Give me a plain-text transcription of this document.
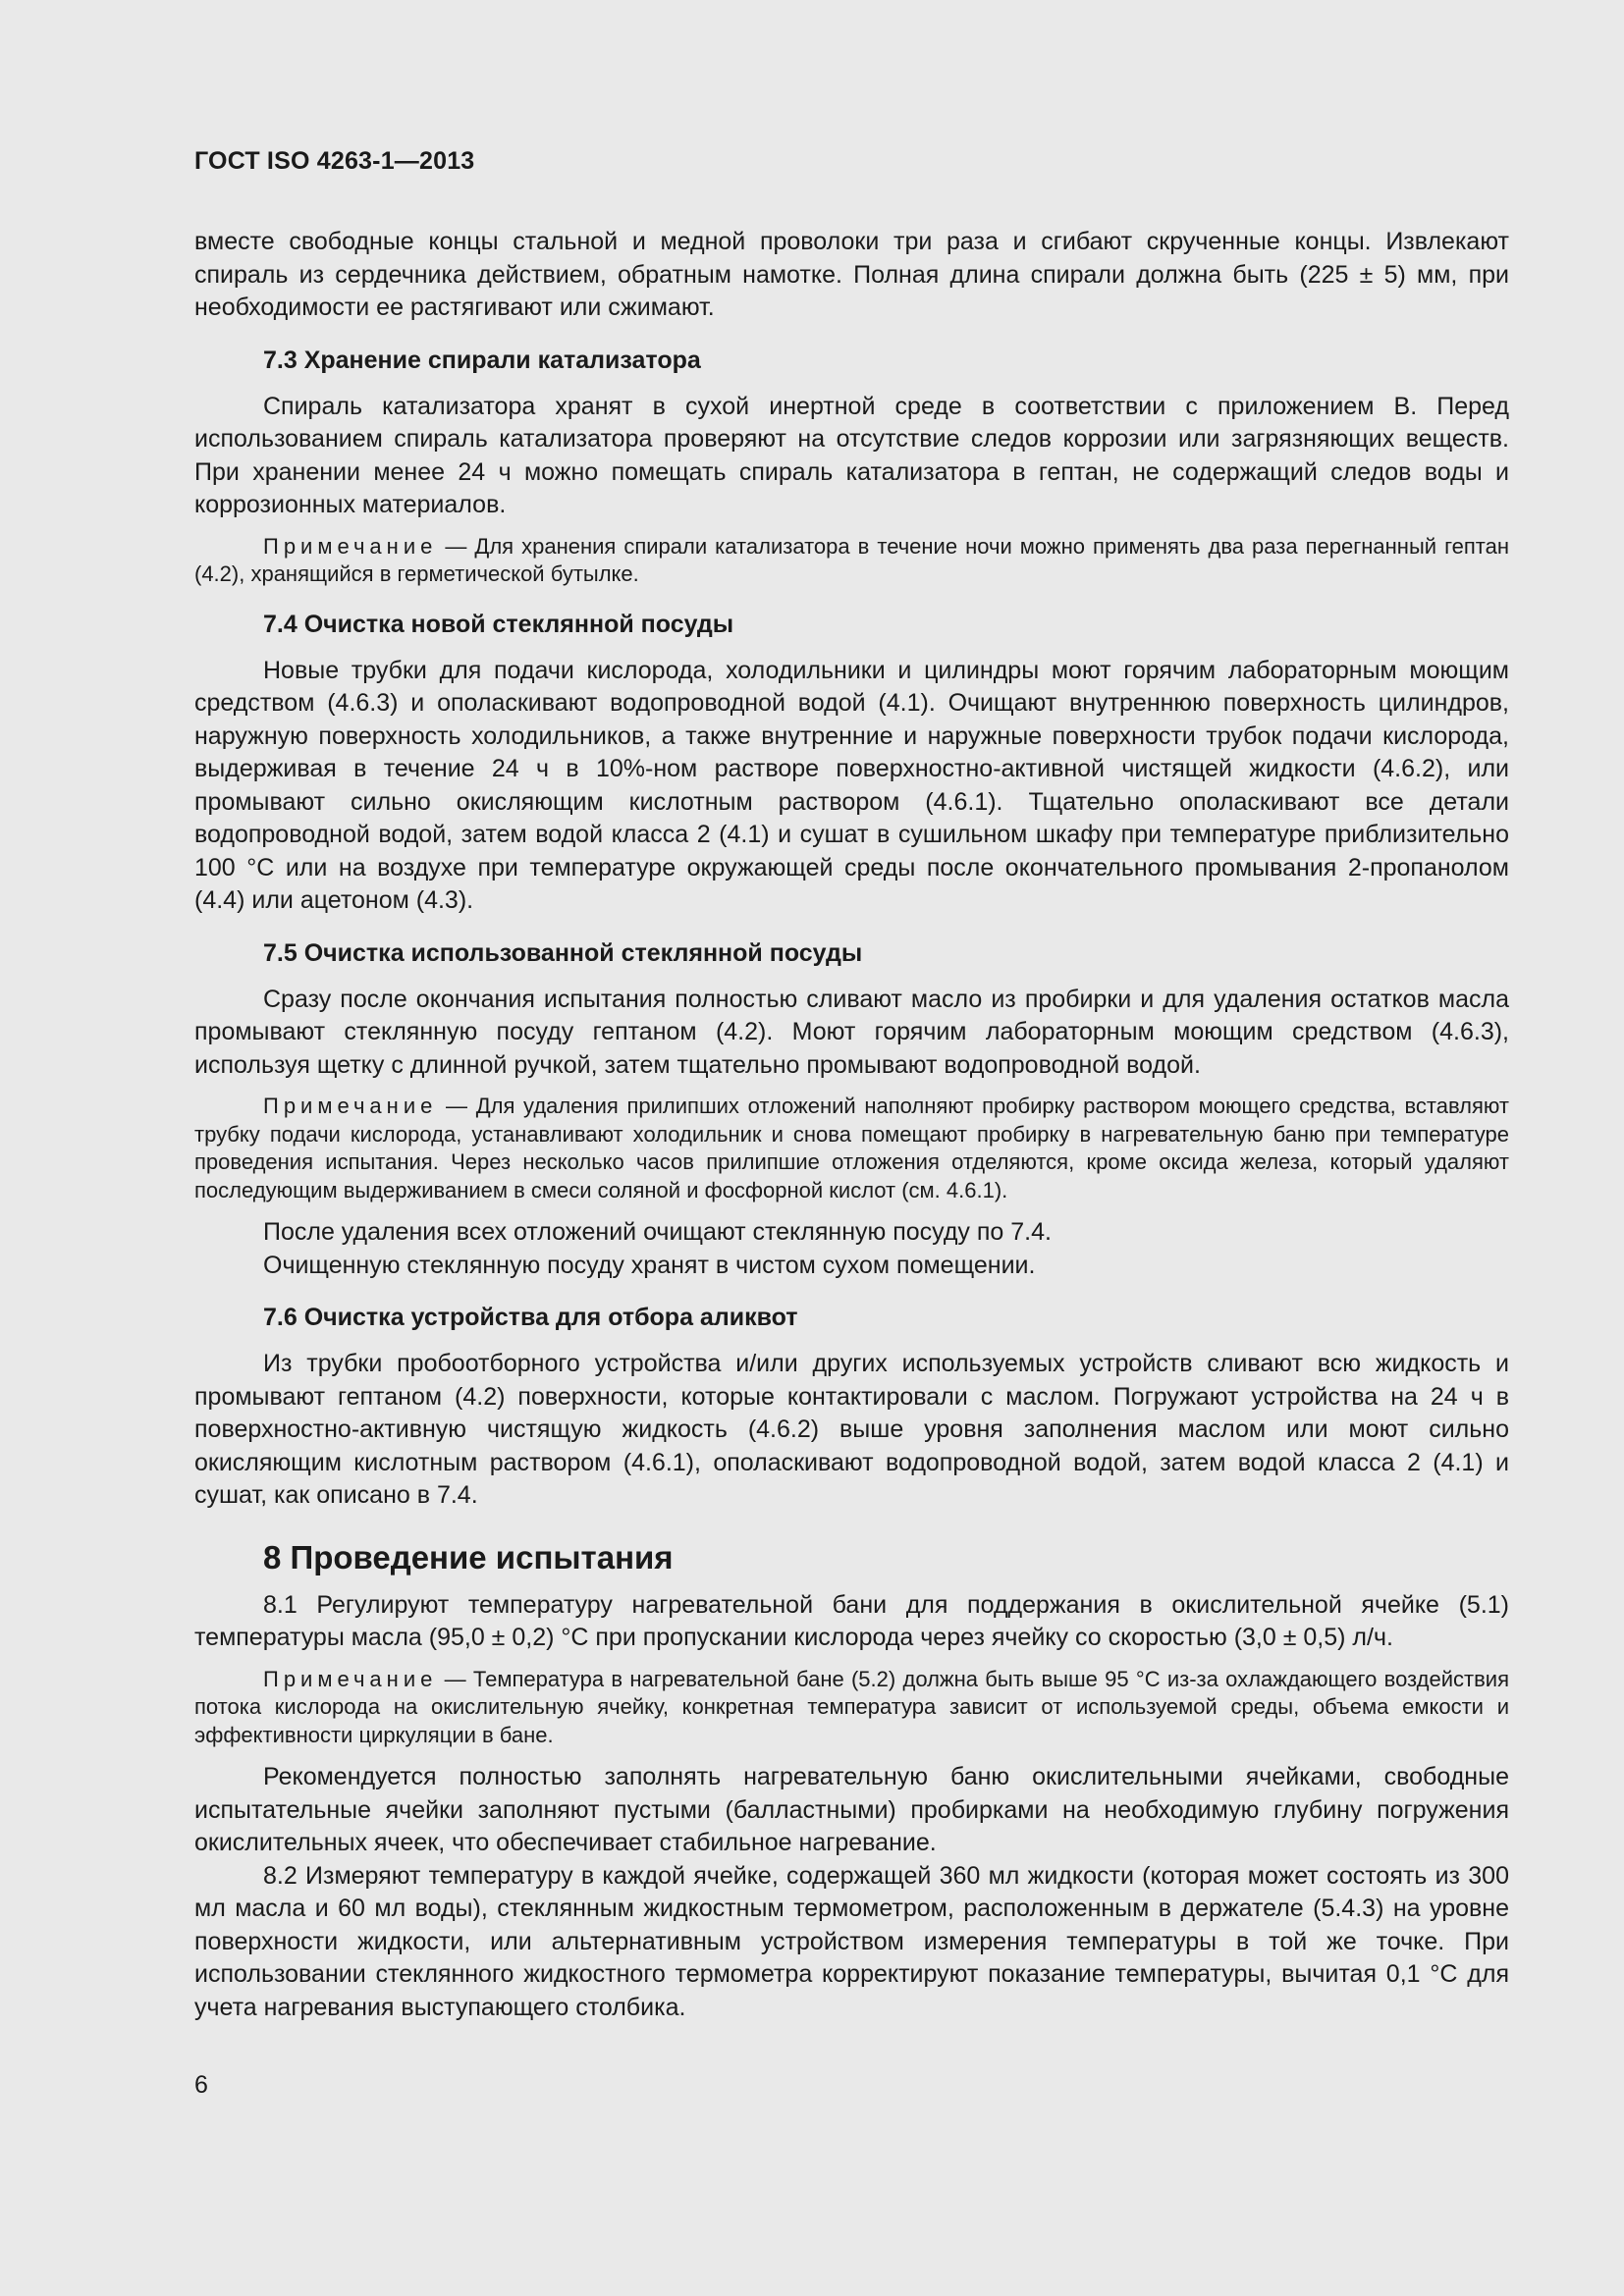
ГОСТ ISO 4263-1—2013

вместе свободные концы стальной и медной проволоки три раза и сгибают скрученные концы. Извлекают спираль из сердечника действием, обратным намотке. Полная длина спирали должна быть (225 ± 5) мм, при необходимости ее растягивают или сжимают.

7.3 Хранение спирали катализатора

Спираль катализатора хранят в сухой инертной среде в соответствии с приложением В. Перед использованием спираль катализатора проверяют на отсутствие следов коррозии или загрязняющих веществ. При хранении менее 24 ч можно помещать спираль катализатора в гептан, не содержащий следов воды и коррозионных материалов.

Примечание — Для хранения спирали катализатора в течение ночи можно применять два раза перегнанный гептан (4.2), хранящийся в герметической бутылке.
7.4 Очистка новой стеклянной посуды

Новые трубки для подачи кислорода, холодильники и цилиндры моют горячим лабораторным моющим средством (4.6.3) и ополаскивают водопроводной водой (4.1). Очищают внутреннюю поверхность цилиндров, наружную поверхность холодильников, а также внутренние и наружные поверхности трубок подачи кислорода, выдерживая в течение 24 ч в 10%-ном растворе поверхностно-активной чистящей жидкости (4.6.2), или промывают сильно окисляющим кислотным раствором (4.6.1). Тщательно ополаскивают все детали водопроводной водой, затем водой класса 2 (4.1) и сушат в сушильном шкафу при температуре приблизительно 100 °С или на воздухе при температуре окружающей среды после окончательного промывания 2-пропанолом (4.4) или ацетоном (4.3).

7.5 Очистка использованной стеклянной посуды

Сразу после окончания испытания полностью сливают масло из пробирки и для удаления остатков масла промывают стеклянную посуду гептаном (4.2). Моют горячим лабораторным моющим средством (4.6.3), используя щетку с длинной ручкой, затем тщательно промывают водопроводной водой.

Примечание — Для удаления прилипших отложений наполняют пробирку раствором моющего средства, вставляют трубку подачи кислорода, устанавливают холодильник и снова помещают пробирку в нагревательную баню при температуре проведения испытания. Через несколько часов прилипшие отложения отделяются, кроме оксида железа, который удаляют последующим выдерживанием в смеси соляной и фосфорной кислот (см. 4.6.1).

После удаления всех отложений очищают стеклянную посуду по 7.4.

Очищенную стеклянную посуду хранят в чистом сухом помещении.

7.6 Очистка устройства для отбора аликвот

Из трубки пробоотборного устройства и/или других используемых устройств сливают всю жидкость и промывают гептаном (4.2) поверхности, которые контактировали с маслом. Погружают устройства на 24 ч в поверхностно-активную чистящую жидкость (4.6.2) выше уровня заполнения маслом или моют сильно окисляющим кислотным раствором (4.6.1), ополаскивают водопроводной водой, затем водой класса 2 (4.1) и сушат, как описано в 7.4.

8 Проведение испытания

8.1 Регулируют температуру нагревательной бани для поддержания в окислительной ячейке (5.1) температуры масла (95,0 ± 0,2) °С при пропускании кислорода через ячейку со скоростью (3,0 ± 0,5) л/ч.

Примечание — Температура в нагревательной бане (5.2) должна быть выше 95 °С из-за охлаждающего воздействия потока кислорода на окислительную ячейку, конкретная температура зависит от используемой среды, объема емкости и эффективности циркуляции в бане.

Рекомендуется полностью заполнять нагревательную баню окислительными ячейками, свободные испытательные ячейки заполняют пустыми (балластными) пробирками на необходимую глубину погружения окислительных ячеек, что обеспечивает стабильное нагревание.

8.2 Измеряют температуру в каждой ячейке, содержащей 360 мл жидкости (которая может состоять из 300 мл масла и 60 мл воды), стеклянным жидкостным термометром, расположенным в держателе (5.4.3) на уровне поверхности жидкости, или альтернативным устройством измерения температуры в той же точке. При использовании стеклянного жидкостного термометра корректируют показание температуры, вычитая 0,1 °С для учета нагревания выступающего столбика.

6
